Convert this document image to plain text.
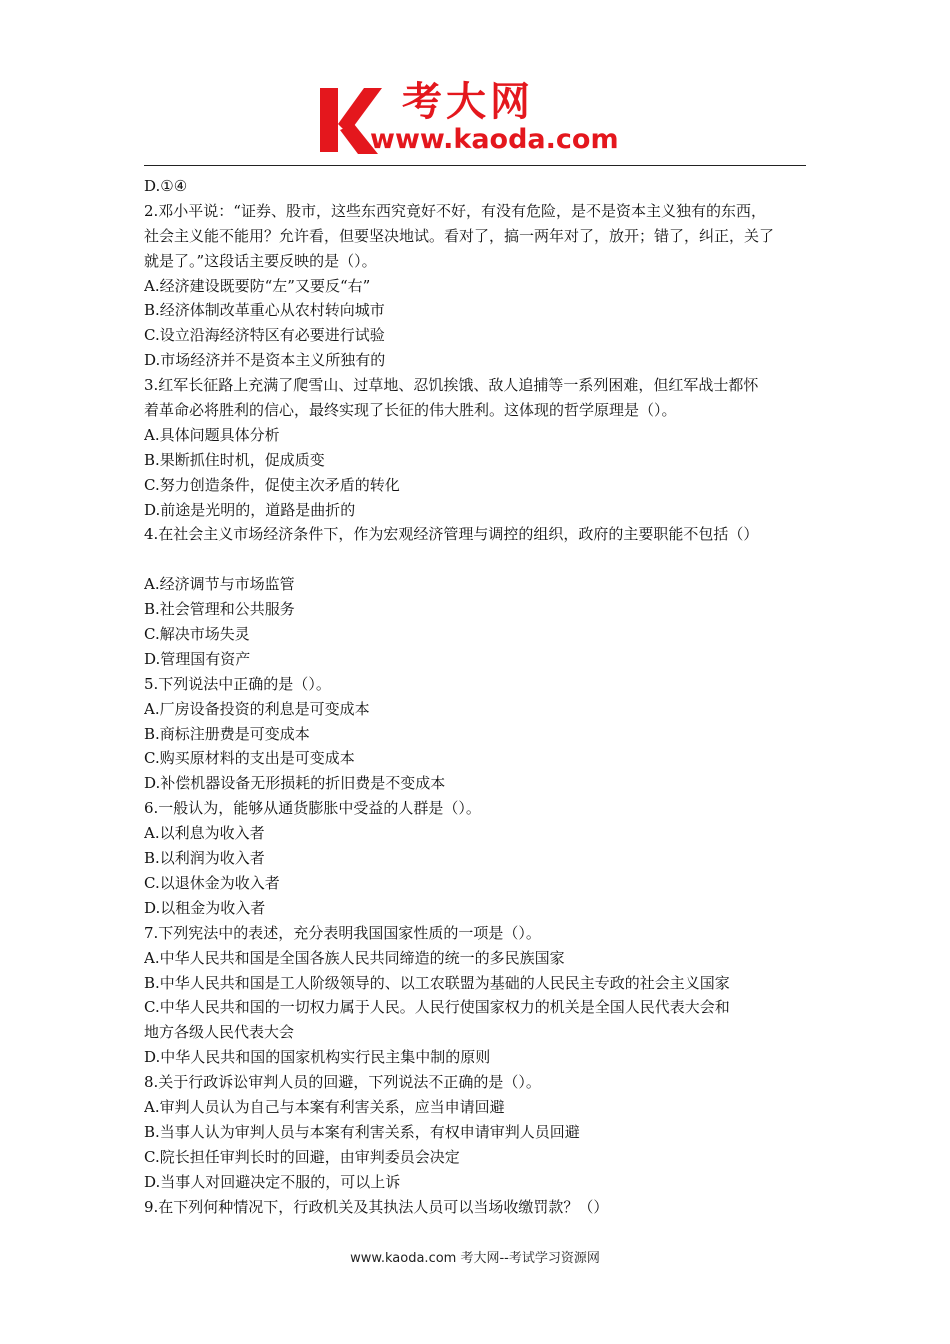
考大网
www.kaoda.com
D.①④
2.邓小平说：“证券、股市，这些东西究竟好不好，有没有危险，是不是资本主义独有的东西，
社会主义能不能用？允许看，但要坚决地试。看对了，搞一两年对了，放开；错了，纠正，关了
就是了。”这段话主要反映的是（）。
A.经济建设既要防“左”又要反“右”
B.经济体制改革重心从农村转向城市
C.设立沿海经济特区有必要进行试验
D.市场经济并不是资本主义所独有的
3.红军长征路上充满了爬雪山、过草地、忍饥挨饿、敌人追捕等一系列困难，但红军战士都怀
着革命必将胜利的信心，最终实现了长征的伟大胜利。这体现的哲学原理是（）。
A.具体问题具体分析
B.果断抓住时机，促成质变
C.努力创造条件，促使主次矛盾的转化
D.前途是光明的，道路是曲折的
4.在社会主义市场经济条件下，作为宏观经济管理与调控的组织，政府的主要职能不包括（）
A.经济调节与市场监管
B.社会管理和公共服务
C.解决市场失灵
D.管理国有资产
5.下列说法中正确的是（）。
A.厂房设备投资的利息是可变成本
B.商标注册费是可变成本
C.购买原材料的支出是可变成本
D.补偿机器设备无形损耗的折旧费是不变成本
6.一般认为，能够从通货膨胀中受益的人群是（）。
A.以利息为收入者
B.以利润为收入者
C.以退休金为收入者
D.以租金为收入者
7.下列宪法中的表述，充分表明我国国家性质的一项是（）。
A.中华人民共和国是全国各族人民共同缔造的统一的多民族国家
B.中华人民共和国是工人阶级领导的、以工农联盟为基础的人民民主专政的社会主义国家
C.中华人民共和国的一切权力属于人民。人民行使国家权力的机关是全国人民代表大会和
地方各级人民代表大会
D.中华人民共和国的国家机构实行民主集中制的原则
8.关于行政诉讼审判人员的回避，下列说法不正确的是（）。
A.审判人员认为自己与本案有利害关系，应当申请回避
B.当事人认为审判人员与本案有利害关系，有权申请审判人员回避
C.院长担任审判长时的回避，由审判委员会决定
D.当事人对回避决定不服的，可以上诉
9.在下列何种情况下，行政机关及其执法人员可以当场收缴罚款？（）
www.kaoda.com 考大网--考试学习资源网
